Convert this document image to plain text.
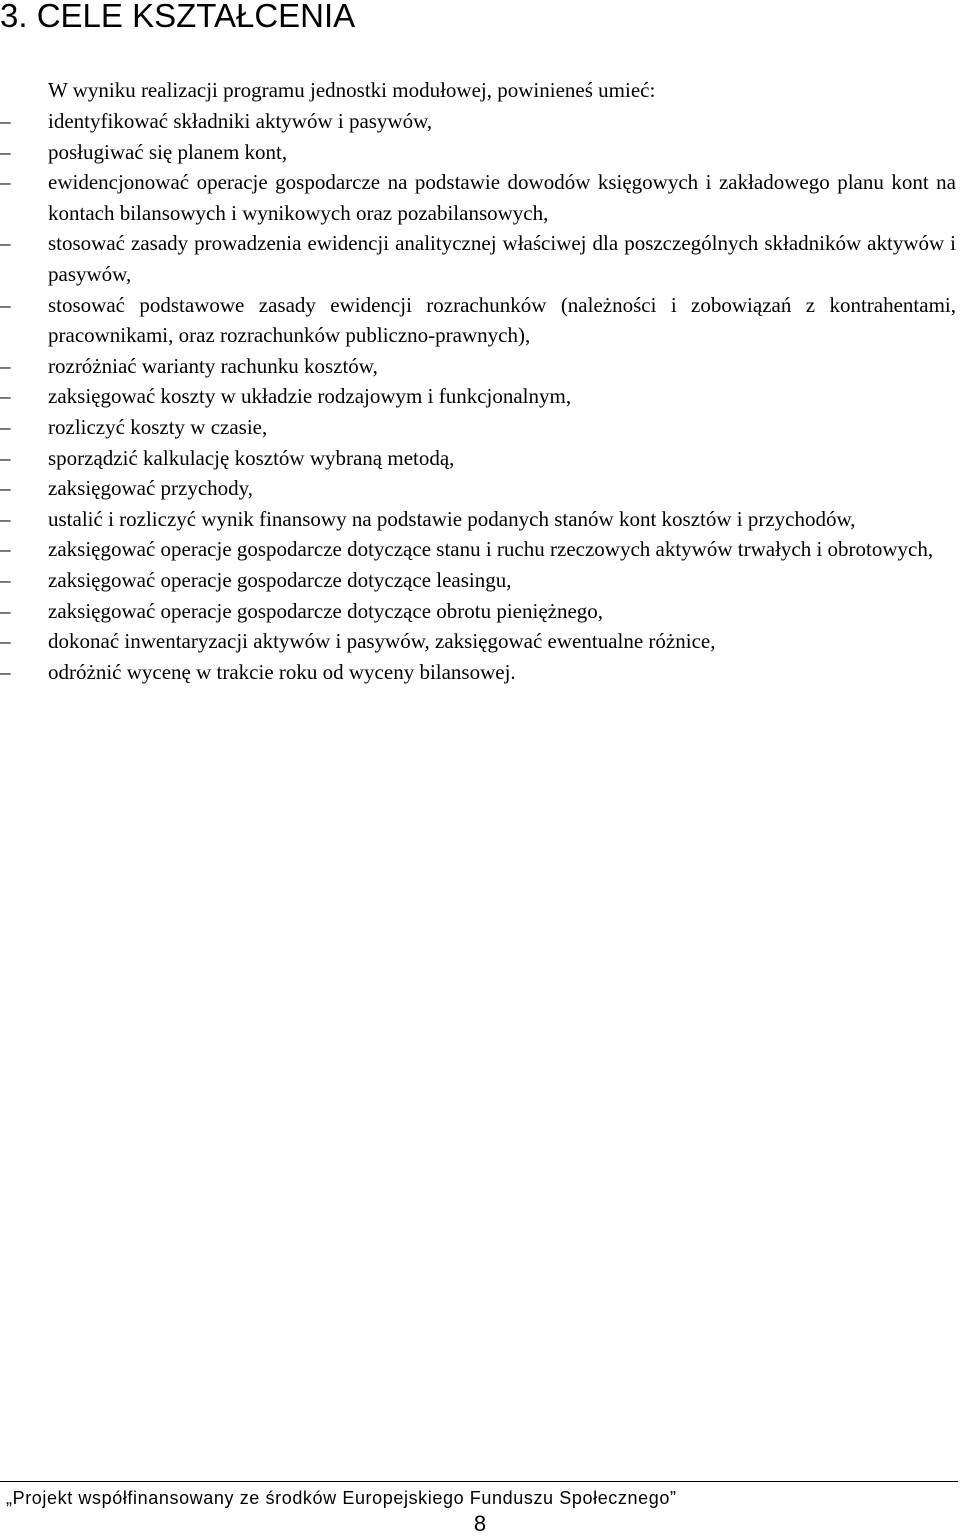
3. CELE KSZTAŁCENIA

W wyniku realizacji programu jednostki modułowej, powinieneś umieć:

–	identyfikować składniki aktywów i pasywów,
–	posługiwać się planem kont,
–	ewidencjonować operacje gospodarcze na podstawie dowodów księgowych i zakładowego planu kont na kontach bilansowych i wynikowych oraz pozabilansowych,
–	stosować zasady prowadzenia ewidencji analitycznej właściwej dla poszczególnych składników aktywów i pasywów,
–	stosować podstawowe zasady ewidencji rozrachunków (należności i zobowiązań z kontrahentami, pracownikami, oraz rozrachunków publiczno-prawnych),
–	rozróżniać warianty rachunku kosztów,
–	zaksięgować koszty w układzie rodzajowym i funkcjonalnym,
–	rozliczyć koszty w czasie,
–	sporządzić kalkulację kosztów wybraną metodą,
–	zaksięgować przychody,
–	ustalić i rozliczyć wynik finansowy na podstawie podanych stanów kont kosztów i przychodów,
–	zaksięgować operacje gospodarcze dotyczące stanu i ruchu rzeczowych aktywów trwałych i obrotowych,
–	zaksięgować operacje gospodarcze dotyczące leasingu,
–	zaksięgować operacje gospodarcze dotyczące obrotu pieniężnego,
–	dokonać inwentaryzacji aktywów i pasywów, zaksięgować ewentualne różnice,
–	odróżnić wycenę w trakcie roku od wyceny bilansowej.
„Projekt współfinansowany ze środków Europejskiego Funduszu Społecznego”
8
